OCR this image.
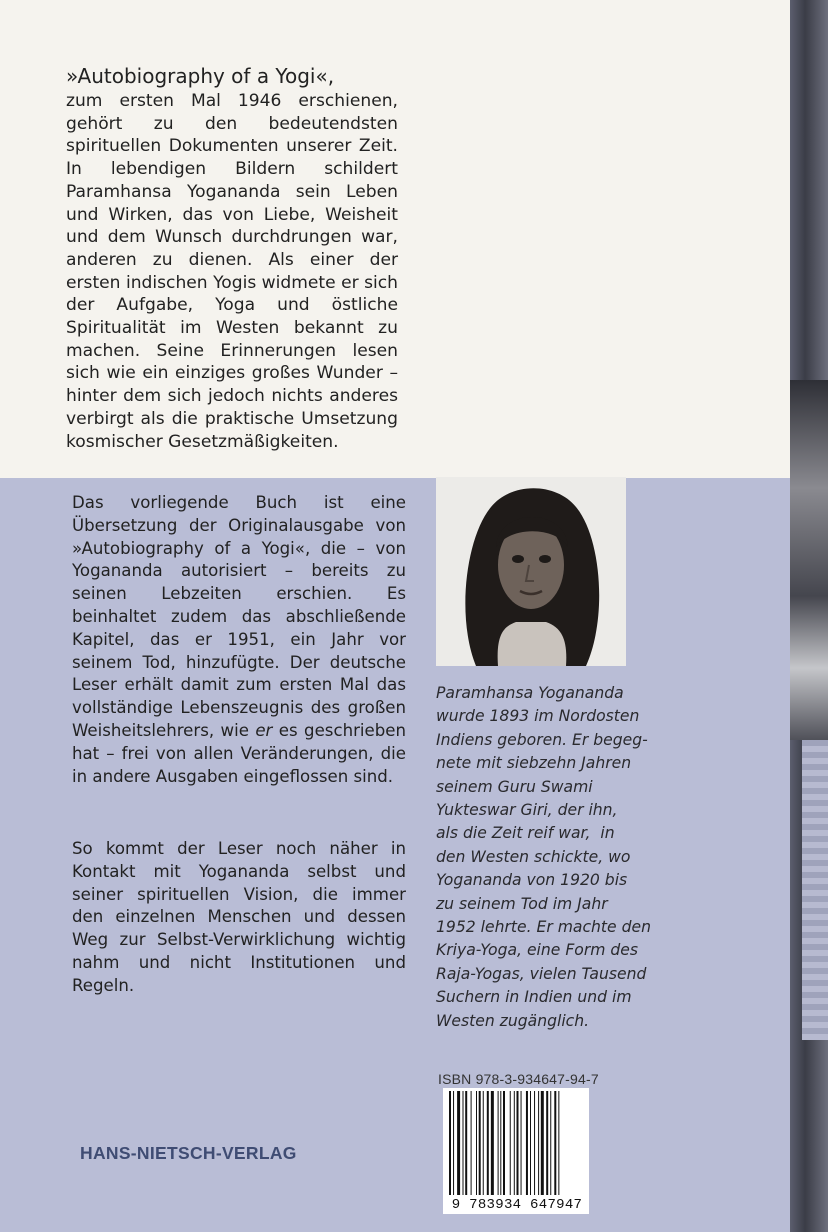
»Autobiography of a Yogi«,
zum ersten Mal 1946 erschienen, gehört zu den bedeutendsten spirituellen Dokumenten unserer Zeit. In lebendigen Bildern schildert Paramhansa Yogananda sein Leben und Wirken, das von Liebe, Weisheit und dem Wunsch durchdrungen war, anderen zu dienen. Als einer der ersten indischen Yogis widmete er sich der Aufgabe, Yoga und östliche Spiritualität im Westen bekannt zu machen. Seine Erinnerungen lesen sich wie ein einziges großes Wunder – hinter dem sich jedoch nichts anderes verbirgt als die praktische Umsetzung kosmischer Gesetzmäßigkeiten.

Das vorliegende Buch ist eine Übersetzung der Originalausgabe von »Autobiography of a Yogi«, die – von Yogananda autorisiert – bereits zu seinen Lebzeiten erschien. Es beinhaltet zudem das abschließende Kapitel, das er 1951, ein Jahr vor seinem Tod, hinzufügte. Der deutsche Leser erhält damit zum ersten Mal das vollständige Lebenszeugnis des großen Weisheitslehrers, wie er es geschrieben hat – frei von allen Veränderungen, die in andere Ausgaben eingeflossen sind.

So kommt der Leser noch näher in Kontakt mit Yogananda selbst und seiner spirituellen Vision, die immer den einzelnen Menschen und dessen Weg zur Selbst-Verwirklichung wichtig nahm und nicht Institutionen und Regeln.

Paramhansa Yogananda
wurde 1893 im Nordosten
Indiens geboren. Er begeg-
nete mit siebzehn Jahren
seinem Guru Swami
Yukteswar Giri, der ihn,
als die Zeit reif war,  in
den Westen schickte, wo
Yogananda von 1920 bis
zu seinem Tod im Jahr
1952 lehrte. Er machte den
Kriya-Yoga, eine Form des
Raja-Yogas, vielen Tausend
Suchern in Indien und im
Westen zugänglich.
ISBN 978-3-934647-94-7
9 783934 647947
HANS-NIETSCH-VERLAG
